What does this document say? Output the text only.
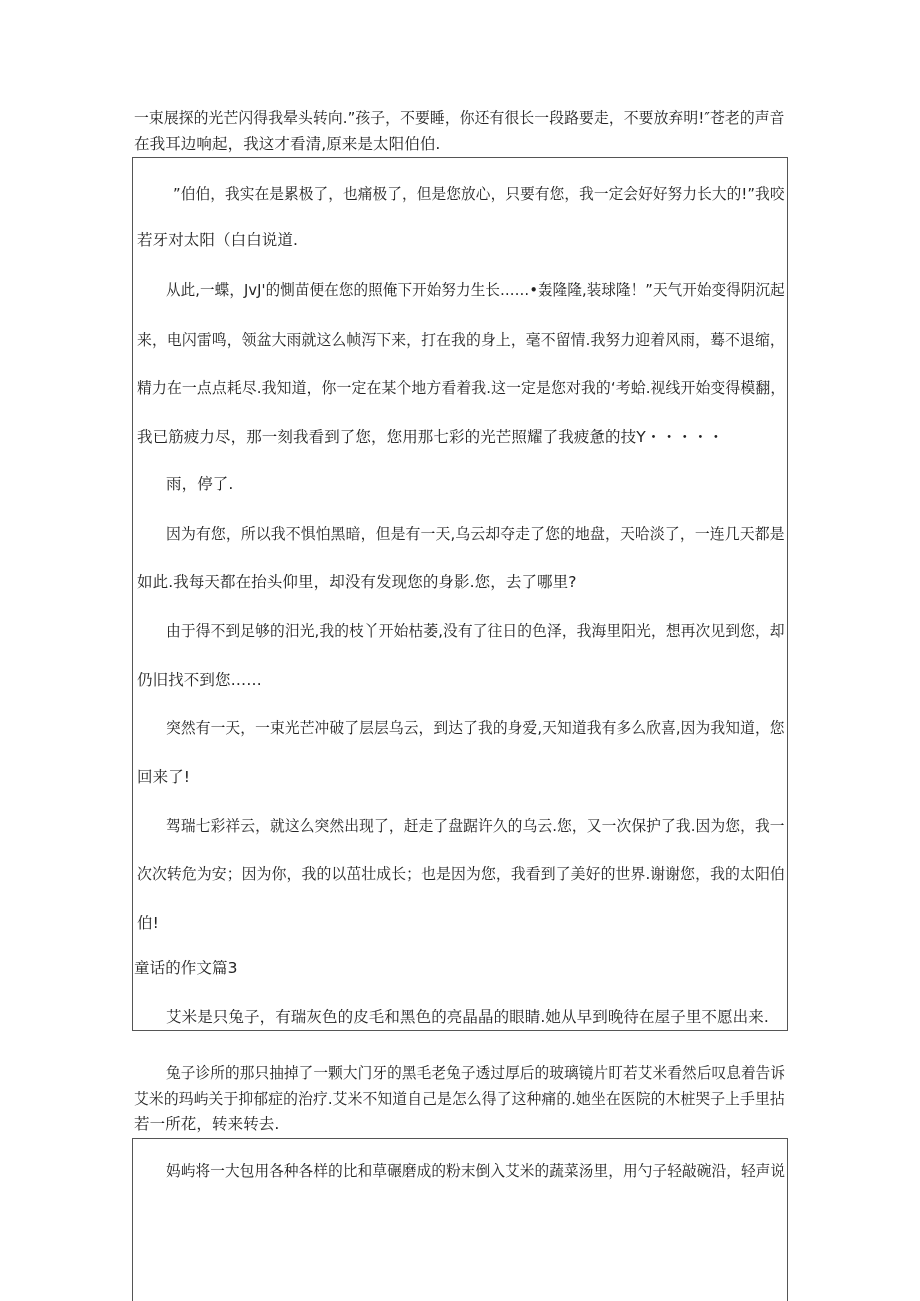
一束展探的光芒闪得我晕头转向.”孩子，不要睡，你还有很长一段路要走，不要放弃明!″苍老的声音
在我耳边响起，我这才看清,原来是太阳伯伯.
”伯伯，我实在是累极了，也痛极了，但是您放心，只要有您，我一定会好好努力长大的!”我咬
若牙对太阳（白白说道.
从此,一蝶，JvJ'的惻苗便在您的照俺下开始努力生长……•轰隆隆,装球隆！”天气开始变得阴沉起
来，电闪雷鸣，领盆大雨就这么帧泻下来，打在我的身上，毫不留情.我努力迎着风雨，蓦不退缩，
精力在一点点耗尽.我知道，你一定在某个地方看着我.这一定是您对我的‘考蛤.视线开始变得模翻，
我已筋疲力尽，那一刻我看到了您，您用那七彩的光芒照耀了我疲惫的技Y・・・・・
雨，停了.
因为有您，所以我不惧怕黑暗，但是有一天,乌云却夺走了您的地盘，天哈淡了，一连几天都是
如此.我每天都在抬头仰里，却没有发现您的身影.您，去了哪里?
由于得不到足够的汨光,我的枝丫开始枯萎,没有了往日的色泽，我海里阳光，想再次见到您，却
仍旧找不到您……
突然有一天，一束光芒冲破了层层乌云，到达了我的身爱,天知道我有多么欣喜,因为我知道，您
回来了!
驾瑞七彩祥云，就这么突然出现了，赶走了盘踞许久的乌云.您，又一次保护了我.因为您，我一
次次转危为安；因为你，我的以茁壮成长；也是因为您，我看到了美好的世界.谢谢您，我的太阳伯
伯!
童话的作文篇3
艾米是只兔子，有瑞灰色的皮毛和黑色的亮晶晶的眼睛.她从早到晚待在屋子里不愿出来.
兔子诊所的那只抽掉了一颗大门牙的黑毛老兔子透过厚后的玻璃镜片盯若艾米看然后叹息着告诉
艾米的玛屿关于抑郁症的治疗.艾米不知道自己是怎么得了这种痛的.她坐在医院的木桩哭子上手里拈
若一所花，转来转去.
妈屿将一大包用各种各样的比和草碾磨成的粉末倒入艾米的蔬菜汤里，用勺子轻敲碗沿，轻声说
